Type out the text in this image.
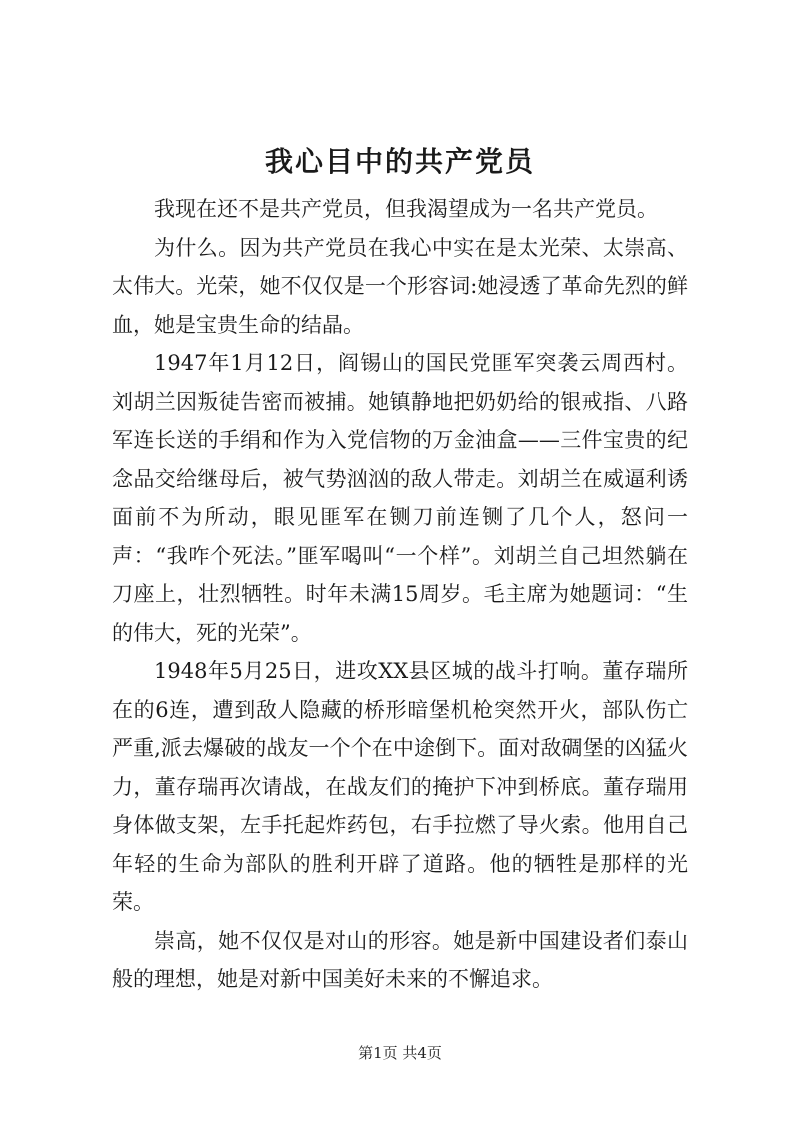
我心目中的共产党员

我现在还不是共产党员，但我渴望成为一名共产党员。

为什么。因为共产党员在我心中实在是太光荣、太崇高、太伟大。光荣，她不仅仅是一个形容词:她浸透了革命先烈的鲜血，她是宝贵生命的结晶。

1947年1月12日，阎锡山的国民党匪军突袭云周西村。刘胡兰因叛徒告密而被捕。她镇静地把奶奶给的银戒指、八路军连长送的手绢和作为入党信物的万金油盒——三件宝贵的纪念品交给继母后，被气势汹汹的敌人带走。刘胡兰在威逼利诱面前不为所动，眼见匪军在铡刀前连铡了几个人，怒问一声：“我咋个死法。”匪军喝叫“一个样”。刘胡兰自己坦然躺在刀座上，壮烈牺牲。时年未满15周岁。毛主席为她题词：“生的伟大，死的光荣”。

1948年5月25日，进攻XX县区城的战斗打响。董存瑞所在的6连，遭到敌人隐藏的桥形暗堡机枪突然开火，部队伤亡严重,派去爆破的战友一个个在中途倒下。面对敌碉堡的凶猛火力，董存瑞再次请战，在战友们的掩护下冲到桥底。董存瑞用身体做支架，左手托起炸药包，右手拉燃了导火索。他用自己年轻的生命为部队的胜利开辟了道路。他的牺牲是那样的光荣。

崇高，她不仅仅是对山的形容。她是新中国建设者们泰山般的理想，她是对新中国美好未来的不懈追求。

第1页 共4页
